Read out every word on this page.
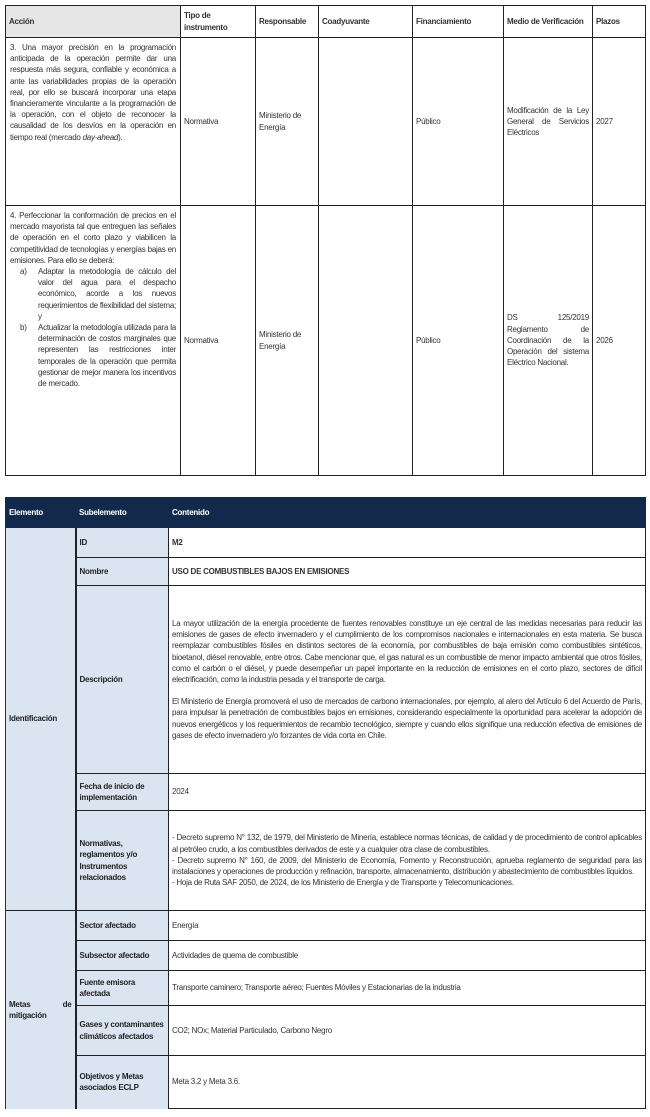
Acción	Tipo de instrumento	Responsable	Coadyuvante	Financiamiento	Medio de Verificación	Plazos
3. Una mayor precisión en la programación anticipada de la operación permite dar una respuesta más segura, confiable y económica a ante las variabilidades propias de la operación real, por ello se buscará incorporar una etapa financieramente vinculante a la programación de la operación, con el objeto de reconocer la causalidad de los desvíos en la operación en tiempo real (mercado day-ahead).	Normativa	Ministerio de Energía		Público	Modificación de la Ley General de Servicios Eléctricos	2027

4. Perfeccionar la conformación de precios en el mercado mayorista tal que entreguen las señales de operación en el corto plazo y viabilicen la competitividad de tecnologías y energías bajas en emisiones. Para ello se deberá:

a) Adaptar la metodología de cálculo del valor del agua para el despacho económico, acorde a los nuevos requerimientos de flexibilidad del sistema; y
b) Actualizar la metodología utilizada para la determinación de costos marginales que representen las restricciones inter temporales de la operación que permita gestionar de mejor manera los incentivos de mercado.	Normativa	Ministerio de Energía		Público	DS 125/2019 Reglamento de Coordinación de la Operación del sistema Eléctrico Nacional.	2026
Elemento	Subelemento	Contenido
Identificación	ID	M2
	Nombre	USO DE COMBUSTIBLES BAJOS EN EMISIONES
	Descripción	La mayor utilización de la energía procedente de fuentes renovables constituye un eje central de las medidas necesarias para reducir las emisiones de gases de efecto invernadero y el cumplimiento de los compromisos nacionales e internacionales en esta materia. Se busca reemplazar combustibles fósiles en distintos sectores de la economía, por combustibles de baja emisión como combustibles sintéticos, bioetanol, diésel renovable, entre otros. Cabe mencionar que, el gas natural es un combustible de menor impacto ambiental que otros fósiles, como el carbón o el diésel, y puede desempeñar un papel importante en la reducción de emisiones en el corto plazo, sectores de difícil electrificación, como la industria pesada y el transporte de carga.

El Ministerio de Energía promoverá el uso de mercados de carbono internacionales, por ejemplo, al alero del Artículo 6 del Acuerdo de París, para impulsar la penetración de combustibles bajos en emisiones, considerando especialmente la oportunidad para acelerar la adopción de nuevos energéticos y los requerimientos de recambio tecnológico, siempre y cuando ellos signifique una reducción efectiva de emisiones de gases de efecto invernadero y/o forzantes de vida corta en Chile.

	Fecha de inicio de implementación	2024
	Normativas, reglamentos y/o Instrumentos relacionados	- Decreto supremo N° 132, de 1979, del Ministerio de Minería, establece normas técnicas, de calidad y de procedimiento de control aplicables al petróleo crudo, a los combustibles derivados de este y a cualquier otra clase de combustibles.

- Decreto supremo N° 160, de 2009, del Ministerio de Economía, Fomento y Reconstrucción, aprueba reglamento de seguridad para las instalaciones y operaciones de producción y refinación, transporte, almacenamiento, distribución y abastecimiento de combustibles líquidos.

- Hoja de Ruta SAF 2050, de 2024, de los Ministerio de Energía y de Transporte y Telecomunicaciones.

Metas de mitigación	Sector afectado	Energía
	Subsector afectado	Actividades de quema de combustible
	Fuente emisora afectada	Transporte caminero; Transporte aéreo; Fuentes Móviles y Estacionarias de la industria
	Gases y contaminantes climáticos afectados	CO2; NOx; Material Particulado, Carbono Negro
	Objetivos y Metas asociados ECLP	Meta 3.2 y Meta 3.6.
